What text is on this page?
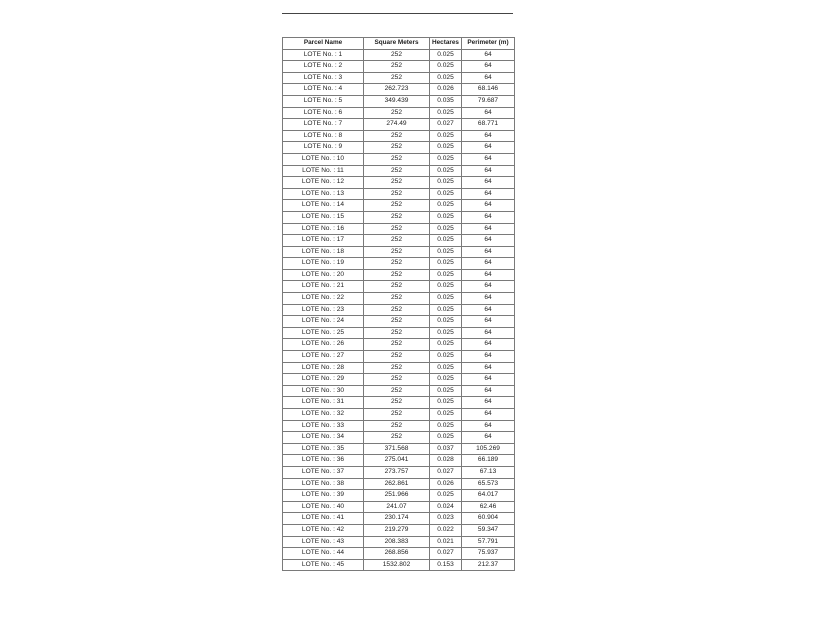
Parcel Name	Square Meters	Hectares	Perimeter (m)
LOTE No. : 1	252	0.025	64
LOTE No. : 2	252	0.025	64
LOTE No. : 3	252	0.025	64
LOTE No. : 4	262.723	0.026	68.146
LOTE No. : 5	349.439	0.035	79.687
LOTE No. : 6	252	0.025	64
LOTE No. : 7	274.49	0.027	68.771
LOTE No. : 8	252	0.025	64
LOTE No. : 9	252	0.025	64
LOTE No. : 10	252	0.025	64
LOTE No. : 11	252	0.025	64
LOTE No. : 12	252	0.025	64
LOTE No. : 13	252	0.025	64
LOTE No. : 14	252	0.025	64
LOTE No. : 15	252	0.025	64
LOTE No. : 16	252	0.025	64
LOTE No. : 17	252	0.025	64
LOTE No. : 18	252	0.025	64
LOTE No. : 19	252	0.025	64
LOTE No. : 20	252	0.025	64
LOTE No. : 21	252	0.025	64
LOTE No. : 22	252	0.025	64
LOTE No. : 23	252	0.025	64
LOTE No. : 24	252	0.025	64
LOTE No. : 25	252	0.025	64
LOTE No. : 26	252	0.025	64
LOTE No. : 27	252	0.025	64
LOTE No. : 28	252	0.025	64
LOTE No. : 29	252	0.025	64
LOTE No. : 30	252	0.025	64
LOTE No. : 31	252	0.025	64
LOTE No. : 32	252	0.025	64
LOTE No. : 33	252	0.025	64
LOTE No. : 34	252	0.025	64
LOTE No. : 35	371.568	0.037	105.269
LOTE No. : 36	275.041	0.028	66.189
LOTE No. : 37	273.757	0.027	67.13
LOTE No. : 38	262.861	0.026	65.573
LOTE No. : 39	251.966	0.025	64.017
LOTE No. : 40	241.07	0.024	62.46
LOTE No. : 41	230.174	0.023	60.904
LOTE No. : 42	219.279	0.022	59.347
LOTE No. : 43	208.383	0.021	57.791
LOTE No. : 44	268.856	0.027	75.937
LOTE No. : 45	1532.802	0.153	212.37
